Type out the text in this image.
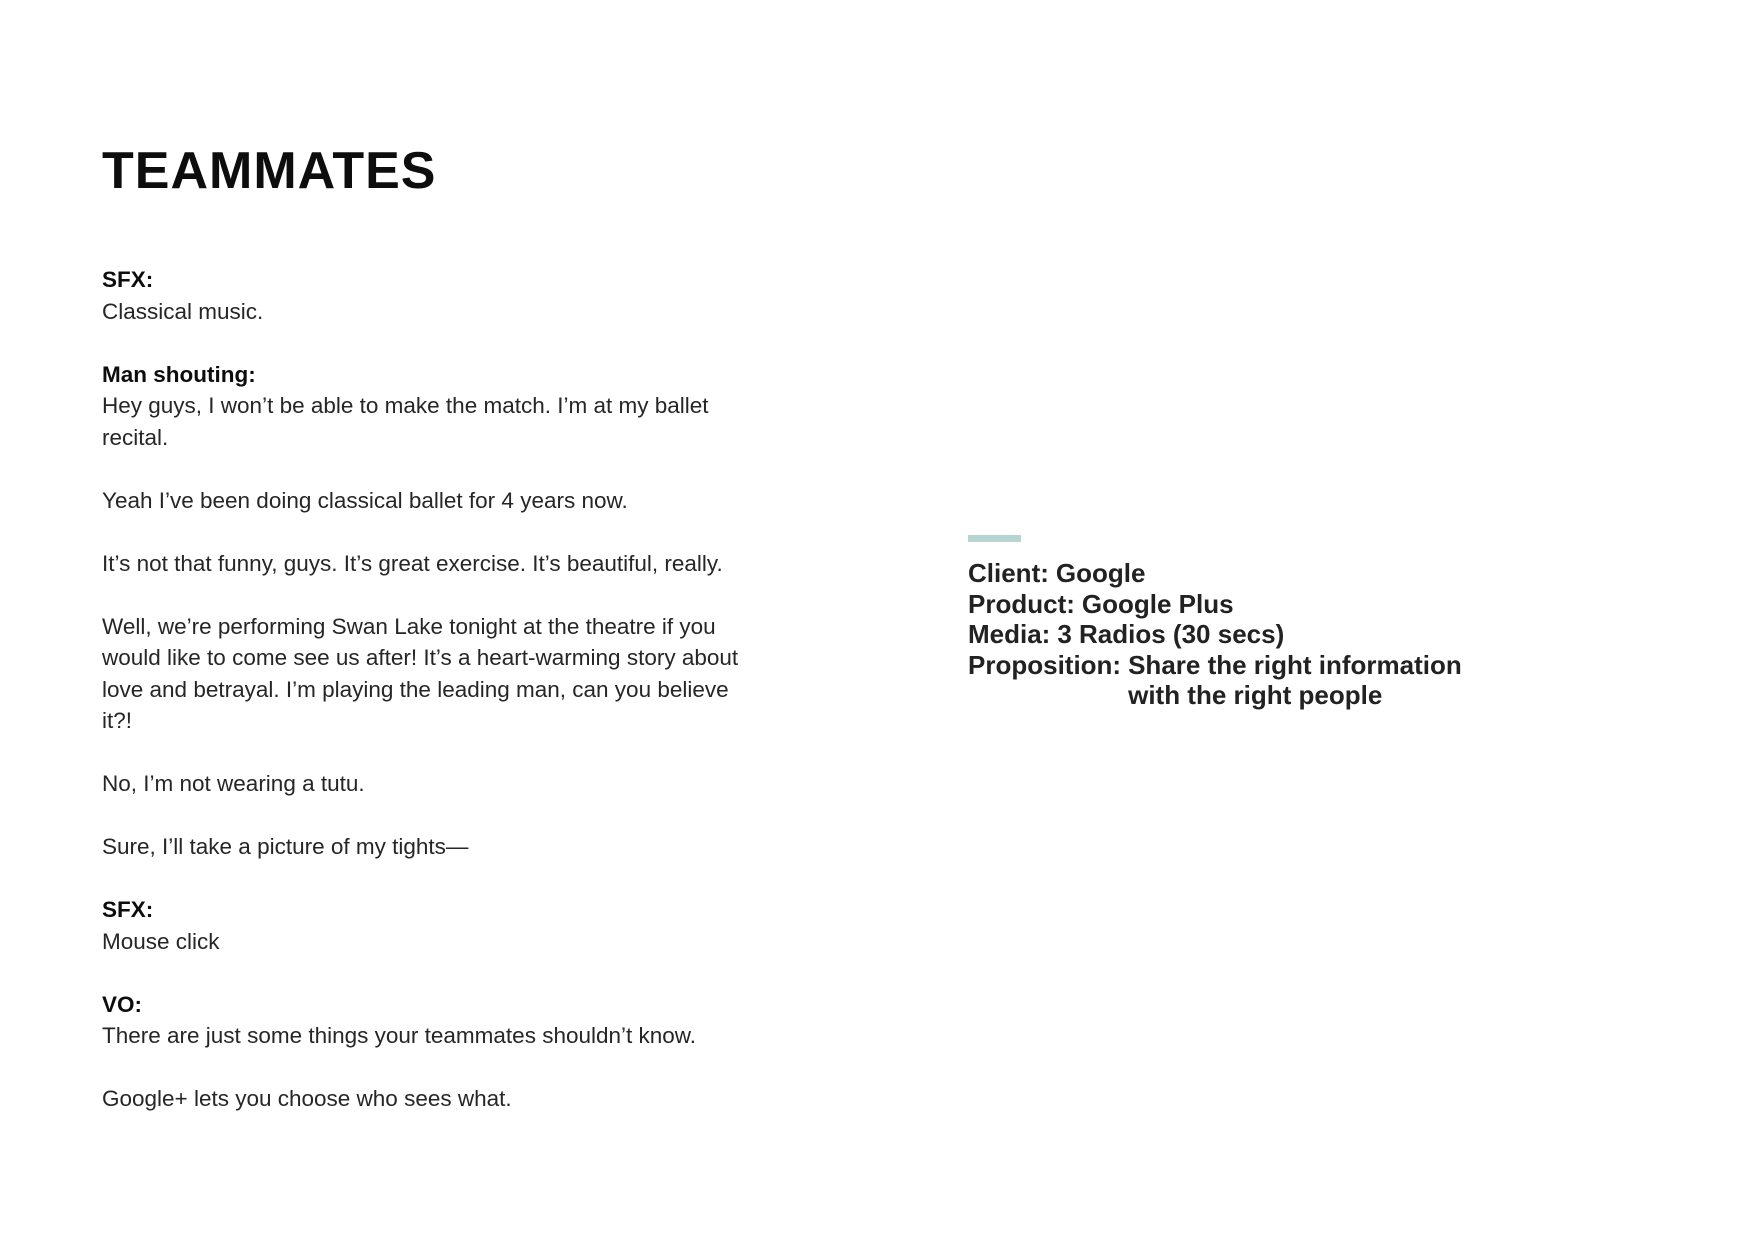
TEAMMATES
SFX:
Classical music.
Man shouting:
Hey guys, I won’t be able to make the match. I’m at my ballet recital.
Yeah I’ve been doing classical ballet for 4 years now.
It’s not that funny, guys. It’s great exercise. It’s beautiful, really.
Well, we’re performing Swan Lake tonight at the theatre if you would like to come see us after! It’s a heart-warming story about love and betrayal. I’m playing the leading man, can you believe it?!
No, I’m not wearing a tutu.
Sure, I’ll take a picture of my tights—
SFX:
Mouse click
VO:
There are just some things your teammates shouldn’t know.
Google+ lets you choose who sees what.
Client: Google
Product: Google Plus
Media: 3 Radios (30 secs)
Proposition: Share the right information
with the right people
